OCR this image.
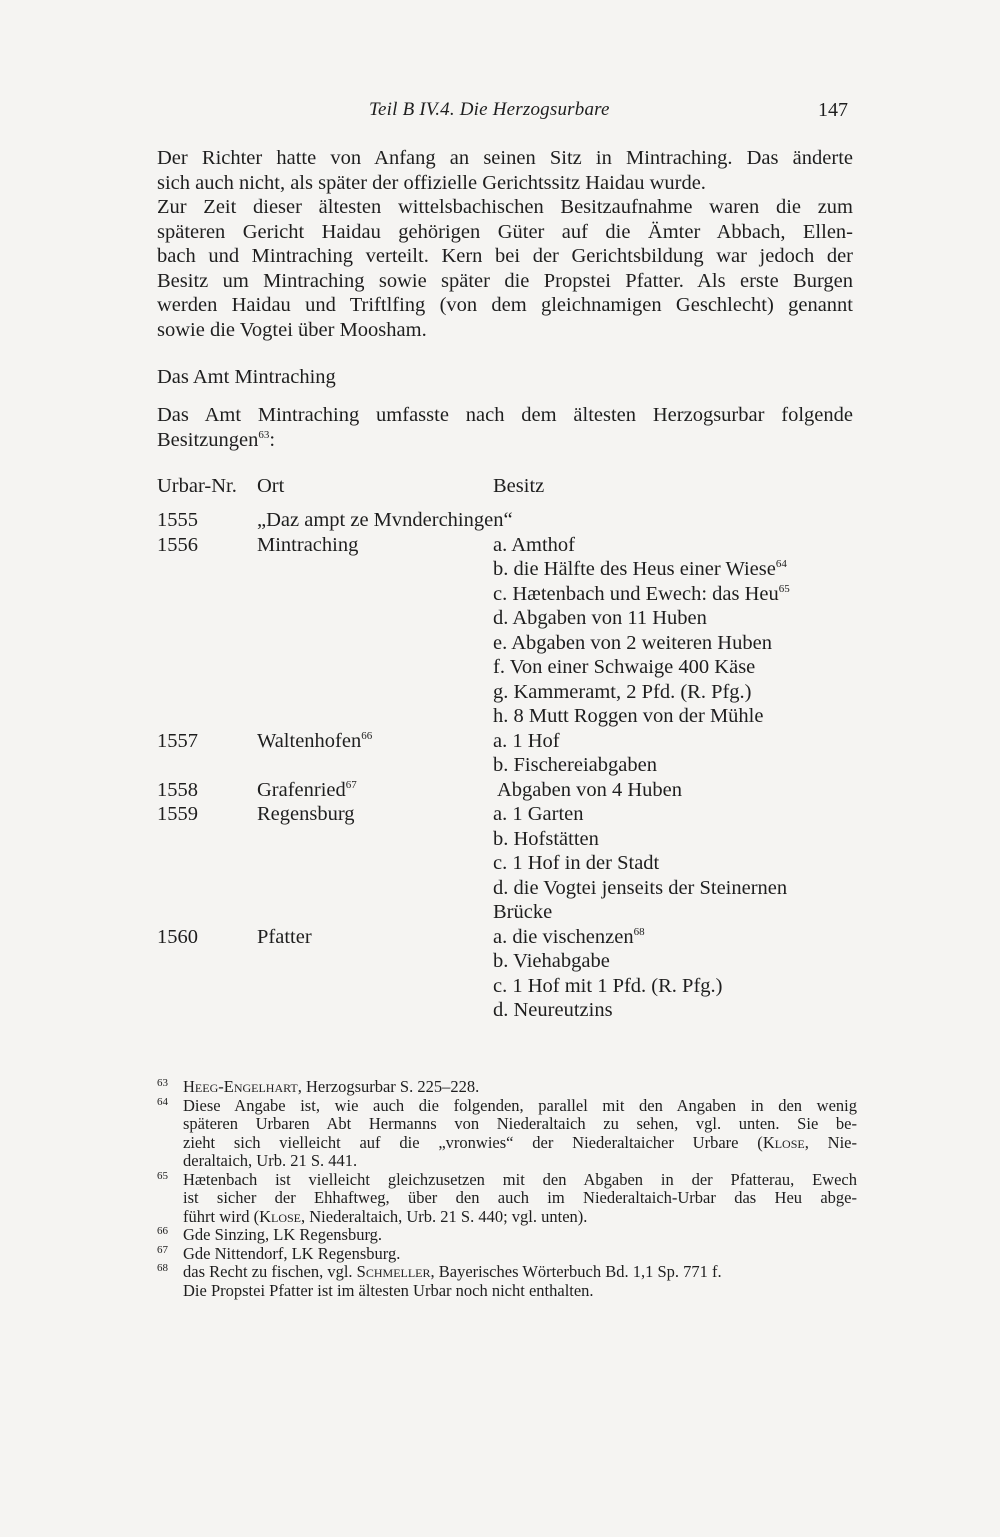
Teil B IV.4. Die Herzogsurbare	147

Der Richter hatte von Anfang an seinen Sitz in Mintraching. Das änderte
sich auch nicht, als später der offizielle Gerichtssitz Haidau wurde.
Zur Zeit dieser ältesten wittelsbachischen Besitzaufnahme waren die zum
späteren Gericht Haidau gehörigen Güter auf die Ämter Abbach, Ellen-
bach und Mintraching verteilt. Kern bei der Gerichtsbildung war jedoch der
Besitz um Mintraching sowie später die Propstei Pfatter. Als erste Burgen
werden Haidau und Triftlfing (von dem gleichnamigen Geschlecht) genannt
sowie die Vogtei über Moosham.

Das Amt Mintraching
Das Amt Mintraching umfasste nach dem ältesten Herzogsurbar folgende
Besitzungen$^{63}$:
Urbar-Nr. Ort	Besitz
1555	„Daz ampt ze Mvnderchingen“
1556	Mintraching	a. Amthof
b. die Hälfte des Heus einer Wiese$^{64}$
c. Hætenbach und Ewech: das Heu$^{65}$
d. Abgaben von 11 Huben
e. Abgaben von 2 weiteren Huben
f. Von einer Schwaige 400 Käse
g. Kammeramt, 2 Pfd. (R. Pfg.)
h. 8 Mutt Roggen von der Mühle
1557	Waltenhofen$^{66}$	a. 1 Hof
b. Fischereiabgaben
1558	Grafenried$^{67}$	Abgaben von 4 Huben
1559	Regensburg	a. 1 Garten
b. Hofstätten
c. 1 Hof in der Stadt
d. die Vogtei jenseits der Steinernen
Brücke
1560	Pfatter	a. die vischenzen$^{68}$
b. Viehabgabe
c. 1 Hof mit 1 Pfd. (R. Pfg.)
d. Neureutzins
63 Heeg-Engelhart, Herzogsurbar S. 225–228.
64 Diese Angabe ist, wie auch die folgenden, parallel mit den Angaben in den wenig
späteren Urbaren Abt Hermanns von Niederaltaich zu sehen, vgl. unten. Sie be-
zieht sich vielleicht auf die „vronwies“ der Niederaltaicher Urbare (Klose, Nie-
deraltaich, Urb. 21 S. 441.
65 Hætenbach ist vielleicht gleichzusetzen mit den Abgaben in der Pfatterau, Ewech
ist sicher der Ehhaftweg, über den auch im Niederaltaich-Urbar das Heu abge-
führt wird (Klose, Niederaltaich, Urb. 21 S. 440; vgl. unten).
66 Gde Sinzing, LK Regensburg.
67 Gde Nittendorf, LK Regensburg.
68 das Recht zu fischen, vgl. Schmeller, Bayerisches Wörterbuch Bd. 1,1 Sp. 771 f.
Die Propstei Pfatter ist im ältesten Urbar noch nicht enthalten.
